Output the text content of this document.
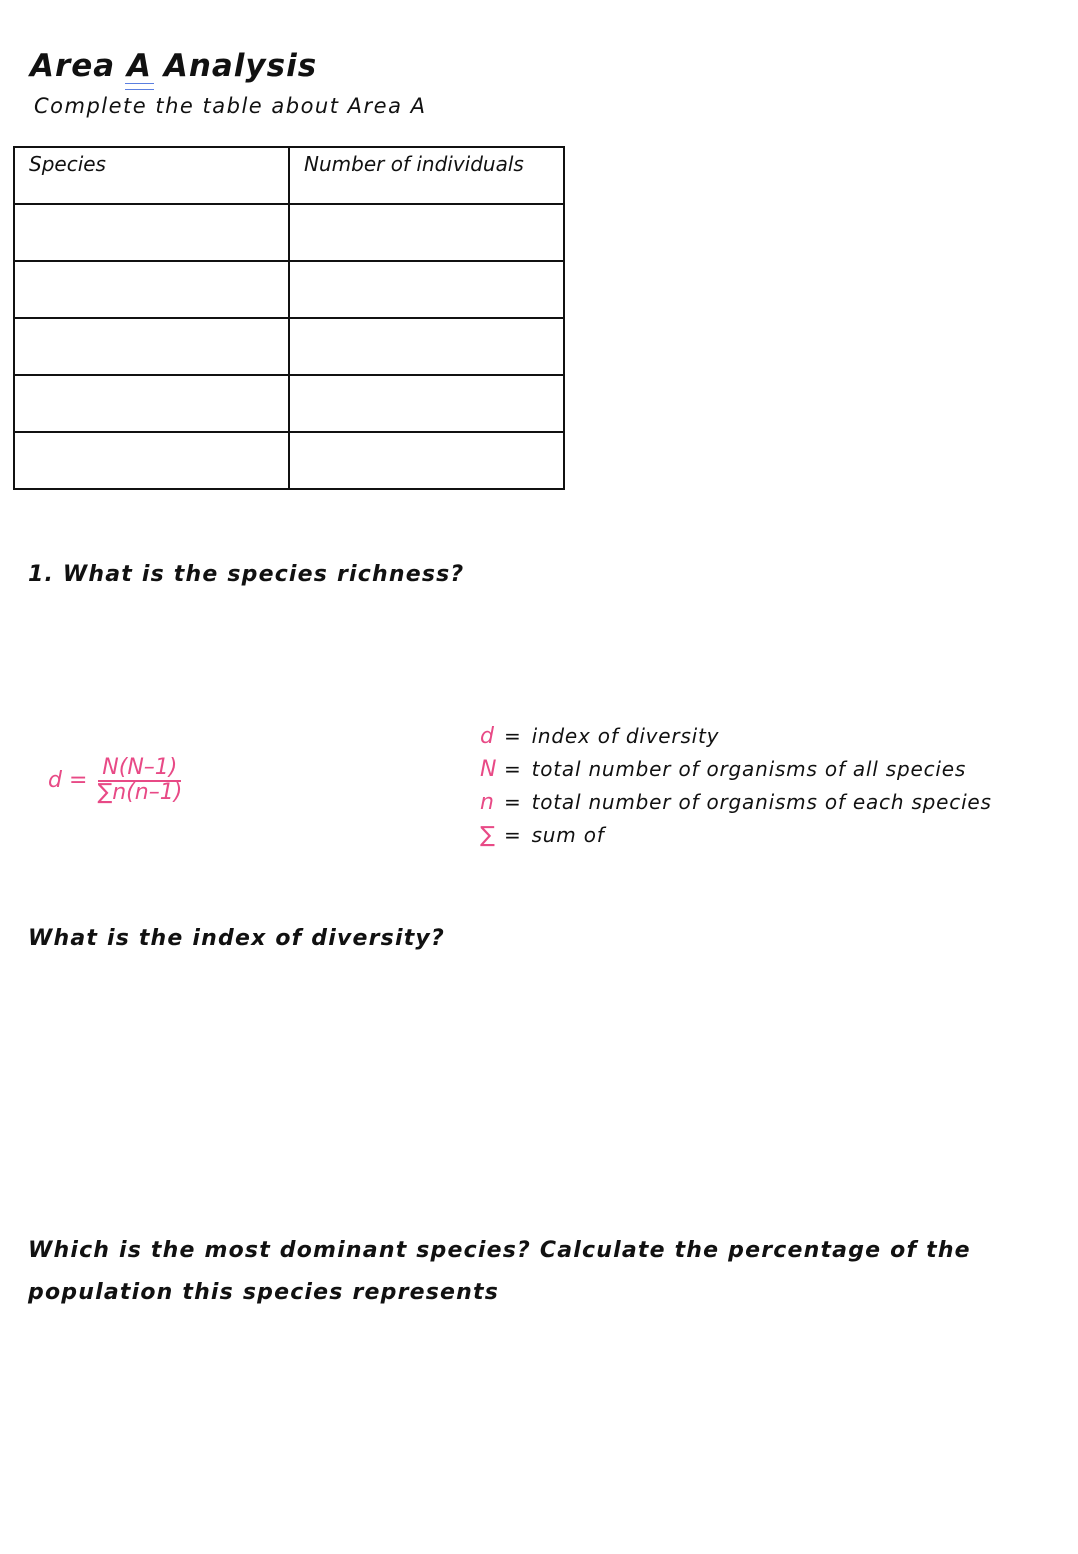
Area A Analysis
Complete the table about Area A
Species	Number of individuals

1. What is the species richness?
$d = \frac{N(N-1)}{\sum n(n-1)}$
d = index of diversity
N = total number of organisms of all species
n = total number of organisms of each species
∑ = sum of
What is the index of diversity?
Which is the most dominant species? Calculate the percentage of the population this species represents
